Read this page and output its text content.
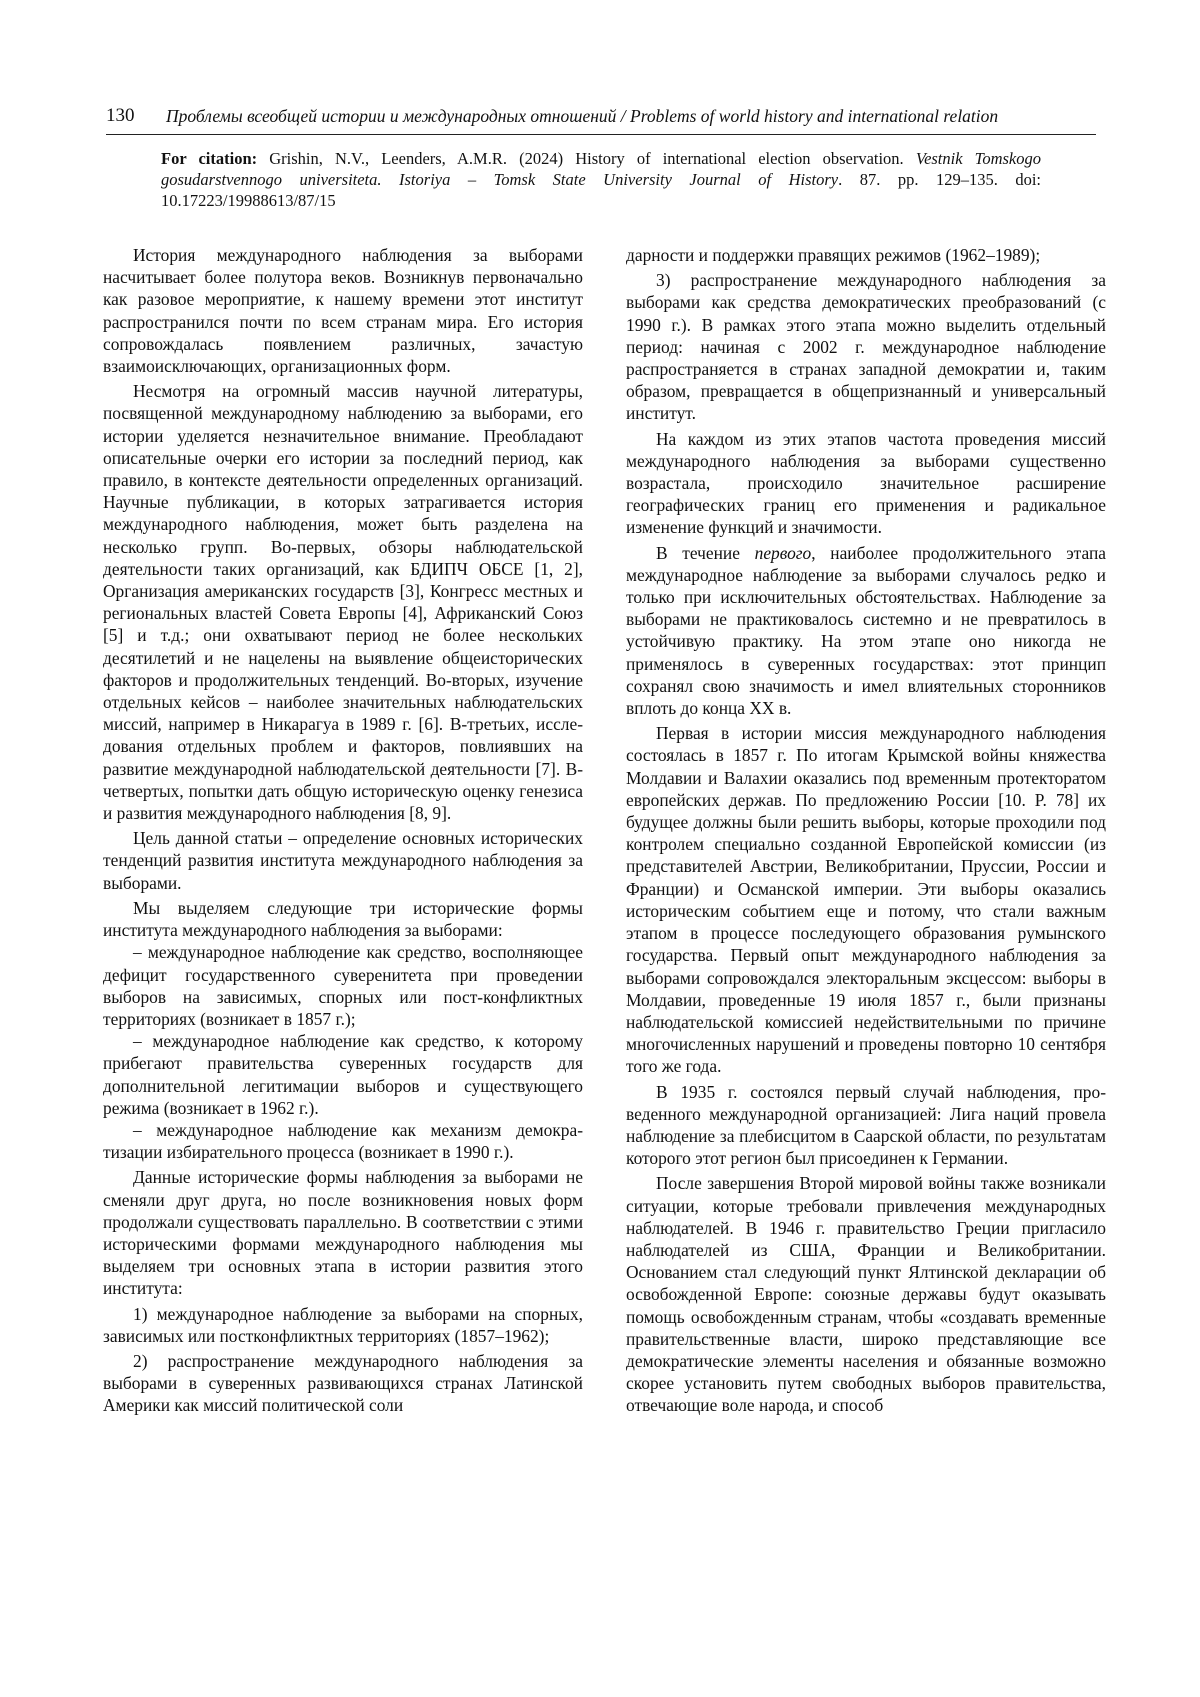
130 Проблемы всеобщей истории и международных отношений / Problems of world history and international relation
For citation: Grishin, N.V., Leenders, A.M.R. (2024) History of international election observation. Vestnik Tomskogo gosudarstvennogo universiteta. Istoriya – Tomsk State University Journal of History. 87. pp. 129–135. doi: 10.17223/19988613/87/15

История международного наблюдения за выборами насчитывает более полутора веков. Возникнув первоначально как разовое мероприятие, к нашему времени этот институт распространился почти по всем странам мира. Его история сопровождалась появлением различных, зачастую взаимоисключающих, организационных форм.

Несмотря на огромный массив научной литературы, посвященной международному наблюдению за выборами, его истории уделяется незначительное внимание. Преобладают описательные очерки его истории за последний период, как правило, в контексте деятельности определенных организаций. Научные публикации, в которых затрагивается история международного наблюдения, может быть разделена на несколько групп. Во-первых, обзоры наблюдательской деятельности таких организаций, как БДИПЧ ОБСЕ [1, 2], Организация американских государств [3], Конгресс местных и региональных властей Совета Европы [4], Африканский Союз [5] и т.д.; они охватывают период не более нескольких десятилетий и не нацелены на выявление общеисторических факторов и продолжительных тенденций. Во-вторых, изучение отдельных кейсов – наиболее значительных наблюдательских миссий, например в Никарагуа в 1989 г. [6]. В-третьих, исследования отдельных проблем и факторов, повлиявших на развитие международной наблюдательской деятельности [7]. В-четвертых, попытки дать общую историческую оценку генезиса и развития международного наблюдения [8, 9].

Цель данной статьи – определение основных исторических тенденций развития института международного наблюдения за выборами.

Мы выделяем следующие три исторические формы института международного наблюдения за выборами:

– международное наблюдение как средство, восполняющее дефицит государственного суверенитета при проведении выборов на зависимых, спорных или пост-конфликтных территориях (возникает в 1857 г.);

– международное наблюдение как средство, к которому прибегают правительства суверенных государств для дополнительной легитимации выборов и существующего режима (возникает в 1962 г.).

– международное наблюдение как механизм демократизации избирательного процесса (возникает в 1990 г.).

Данные исторические формы наблюдения за выборами не сменяли друг друга, но после возникновения новых форм продолжали существовать параллельно. В соответствии с этими историческими формами международного наблюдения мы выделяем три основных этапа в истории развития этого института:

1) международное наблюдение за выборами на спорных, зависимых или постконфликтных территориях (1857–1962);

2) распространение международного наблюдения за выборами в суверенных развивающихся странах Латинской Америки как миссий политической соли

дарности и поддержки правящих режимов (1962–1989);

3) распространение международного наблюдения за выборами как средства демократических преобразований (с 1990 г.). В рамках этого этапа можно выделить отдельный период: начиная с 2002 г. международное наблюдение распространяется в странах западной демократии и, таким образом, превращается в общепризнанный и универсальный институт.

На каждом из этих этапов частота проведения миссий международного наблюдения за выборами существенно возрастала, происходило значительное расширение географических границ его применения и радикальное изменение функций и значимости.

В течение первого, наиболее продолжительного этапа международное наблюдение за выборами случалось редко и только при исключительных обстоятельствах. Наблюдение за выборами не практиковалось системно и не превратилось в устойчивую практику. На этом этапе оно никогда не применялось в суверенных государствах: этот принцип сохранял свою значимость и имел влиятельных сторонников вплоть до конца XX в.

Первая в истории миссия международного наблюдения состоялась в 1857 г. По итогам Крымской войны княжества Молдавии и Валахии оказались под временным протекторатом европейских держав. По предложению России [10. P. 78] их будущее должны были решить выборы, которые проходили под контролем специально созданной Европейской комиссии (из представителей Австрии, Великобритании, Пруссии, России и Франции) и Османской империи. Эти выборы оказались историческим событием еще и потому, что стали важным этапом в процессе последующего образования румынского государства. Первый опыт международного наблюдения за выборами сопровождался электоральным эксцессом: выборы в Молдавии, проведенные 19 июля 1857 г., были признаны наблюдательской комиссией недействительными по причине многочисленных нарушений и проведены повторно 10 сентября того же года.

В 1935 г. состоялся первый случай наблюдения, проведенного международной организацией: Лига наций провела наблюдение за плебисцитом в Саарской области, по результатам которого этот регион был присоединен к Германии.

После завершения Второй мировой войны также возникали ситуации, которые требовали привлечения международных наблюдателей. В 1946 г. правительство Греции пригласило наблюдателей из США, Франции и Великобритании. Основанием стал следующий пункт Ялтинской декларации об освобожденной Европе: союзные державы будут оказывать помощь освобожденным странам, чтобы «создавать временные правительственные власти, широко представляющие все демократические элементы населения и обязанные возможно скорее установить путем свободных выборов правительства, отвечающие воле народа, и способ
